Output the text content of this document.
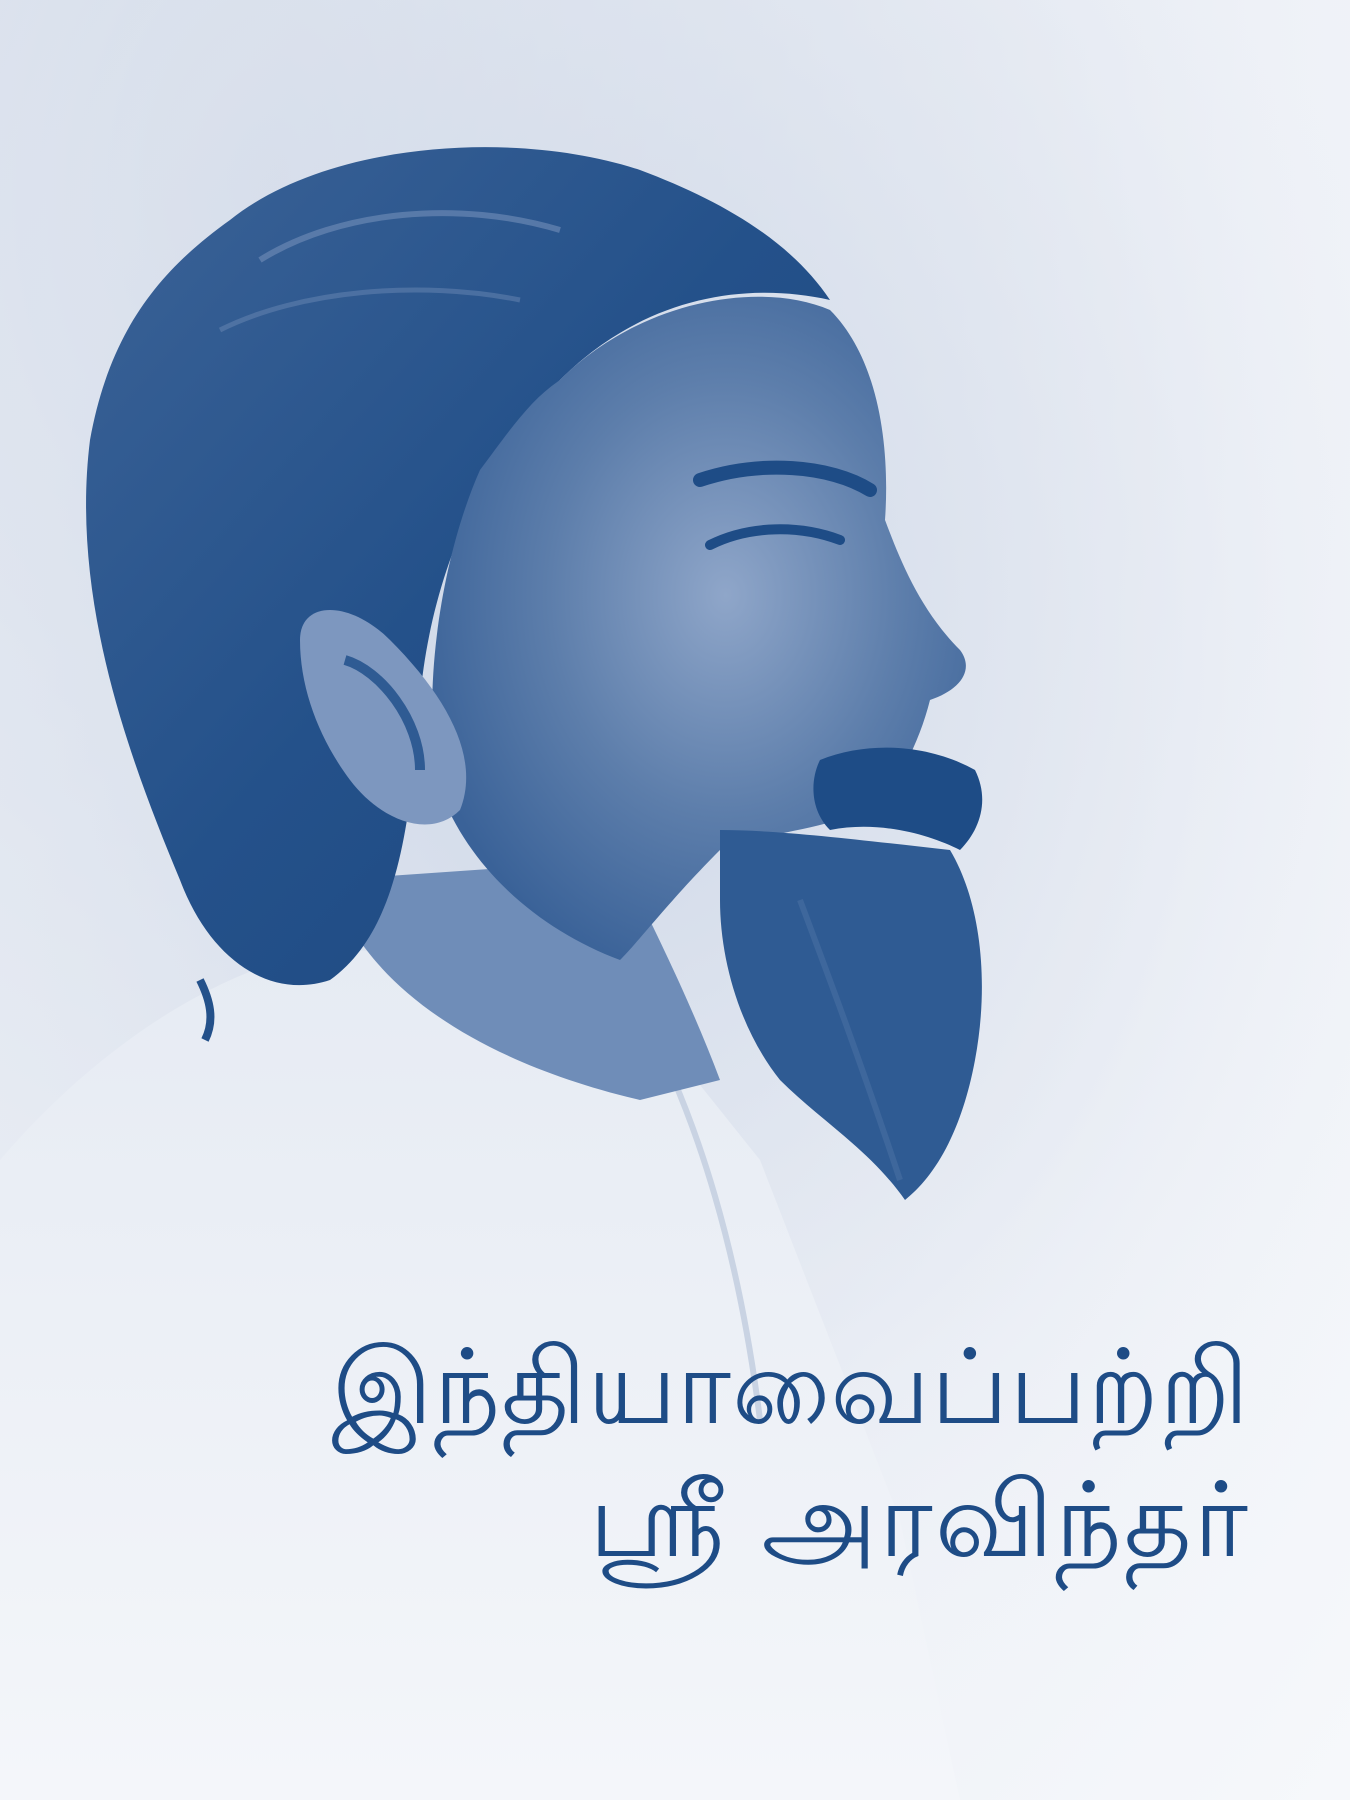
இந்தியாவைப்பற்றி
ஸ்ரீ அரவிந்தர்
